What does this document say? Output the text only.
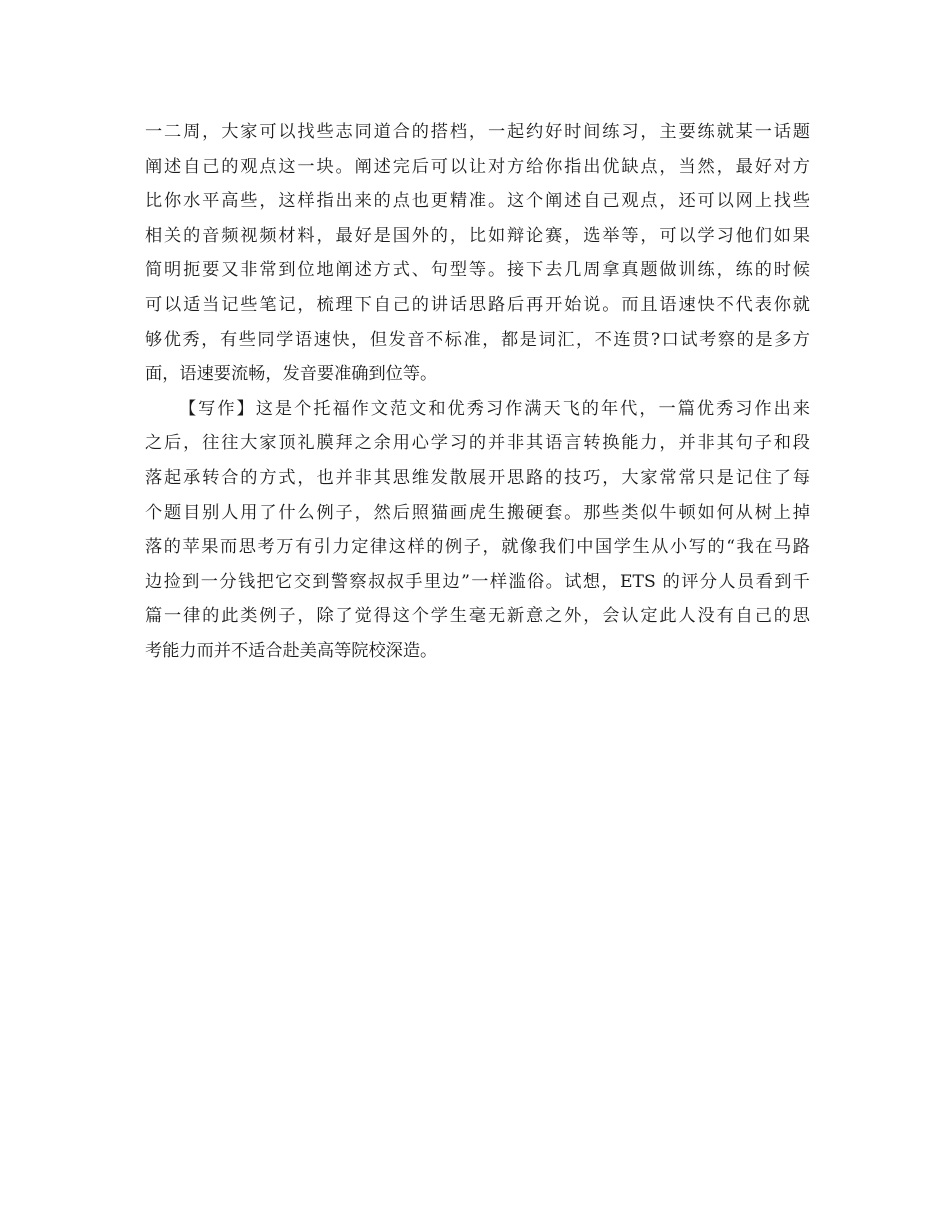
一二周，大家可以找些志同道合的搭档，一起约好时间练习，主要练就某一话题
阐述自己的观点这一块。阐述完后可以让对方给你指出优缺点，当然，最好对方
比你水平高些，这样指出来的点也更精准。这个阐述自己观点，还可以网上找些
相关的音频视频材料，最好是国外的，比如辩论赛，选举等，可以学习他们如果
简明扼要又非常到位地阐述方式、句型等。接下去几周拿真题做训练，练的时候
可以适当记些笔记，梳理下自己的讲话思路后再开始说。而且语速快不代表你就
够优秀，有些同学语速快，但发音不标准，都是词汇，不连贯?口试考察的是多方
面，语速要流畅，发音要准确到位等。
【写作】这是个托福作文范文和优秀习作满天飞的年代，一篇优秀习作出来
之后，往往大家顶礼膜拜之余用心学习的并非其语言转换能力，并非其句子和段
落起承转合的方式，也并非其思维发散展开思路的技巧，大家常常只是记住了每
个题目别人用了什么例子，然后照猫画虎生搬硬套。那些类似牛顿如何从树上掉
落的苹果而思考万有引力定律这样的例子，就像我们中国学生从小写的“我在马路
边捡到一分钱把它交到警察叔叔手里边”一样滥俗。试想，ETS 的评分人员看到千
篇一律的此类例子，除了觉得这个学生毫无新意之外，会认定此人没有自己的思
考能力而并不适合赴美高等院校深造。
